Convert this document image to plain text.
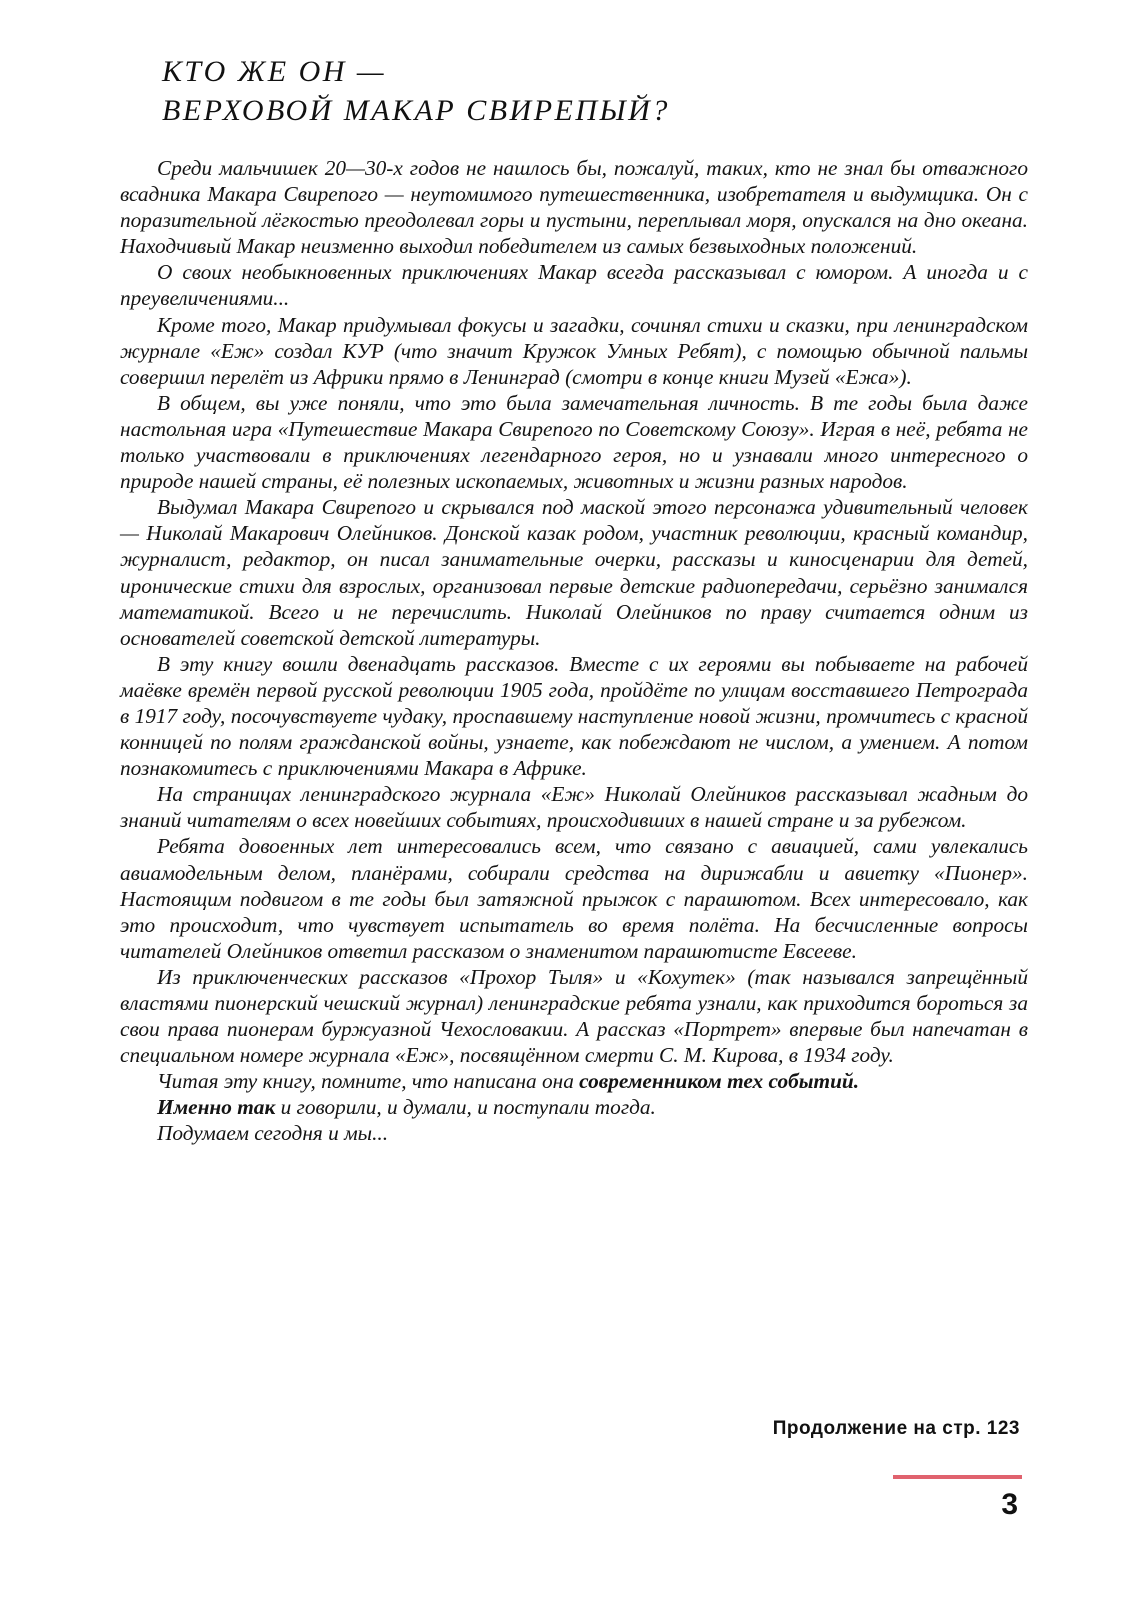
КТО ЖЕ ОН —
ВЕРХОВОЙ МАКАР СВИРЕПЫЙ?

Среди мальчишек 20—30-х годов не нашлось бы, пожалуй, таких, кто не знал бы отважного всадника Макара Свирепого — неутомимого путешественника, изобретателя и выдумщика. Он с поразительной лёгкостью преодолевал горы и пустыни, переплывал моря, опускался на дно океана. Находчивый Макар неизменно выходил победителем из самых безвыходных положений.

О своих необыкновенных приключениях Макар всегда рассказывал с юмором. А иногда и с преувеличениями...

Кроме того, Макар придумывал фокусы и загадки, сочинял стихи и сказки, при ленинградском журнале «Еж» создал КУР (что значит Кружок Умных Ребят), с помощью обычной пальмы совершил перелёт из Африки прямо в Ленинград (смотри в конце книги Музей «Ежа»).

В общем, вы уже поняли, что это была замечательная личность. В те годы была даже настольная игра «Путешествие Макара Свирепого по Советскому Союзу». Играя в неё, ребята не только участвовали в приключениях легендарного героя, но и узнавали много интересного о природе нашей страны, её полезных ископаемых, животных и жизни разных народов.

Выдумал Макара Свирепого и скрывался под маской этого персонажа удивительный человек — Николай Макарович Олейников. Донской казак родом, участник революции, красный командир, журналист, редактор, он писал занимательные очерки, рассказы и киносценарии для детей, иронические стихи для взрослых, организовал первые детские радиопередачи, серьёзно занимался математикой. Всего и не перечислить. Николай Олейников по праву считается одним из основателей советской детской литературы.

В эту книгу вошли двенадцать рассказов. Вместе с их героями вы побываете на рабочей маёвке времён первой русской революции 1905 года, пройдёте по улицам восставшего Петрограда в 1917 году, посочувствуете чудаку, проспавшему наступление новой жизни, промчитесь с красной конницей по полям гражданской войны, узнаете, как побеждают не числом, а умением. А потом познакомитесь с приключениями Макара в Африке.

На страницах ленинградского журнала «Еж» Николай Олейников рассказывал жадным до знаний читателям о всех новейших событиях, происходивших в нашей стране и за рубежом.

Ребята довоенных лет интересовались всем, что связано с авиацией, сами увлекались авиамодельным делом, планёрами, собирали средства на дирижабли и авиетку «Пионер». Настоящим подвигом в те годы был затяжной прыжок с парашютом. Всех интересовало, как это происходит, что чувствует испытатель во время полёта. На бесчисленные вопросы читателей Олейников ответил рассказом о знаменитом парашютисте Евсееве.

Из приключенческих рассказов «Прохор Тыля» и «Кохутек» (так назывался запрещённый властями пионерский чешский журнал) ленинградские ребята узнали, как приходится бороться за свои права пионерам буржуазной Чехословакии. А рассказ «Портрет» впервые был напечатан в специальном номере журнала «Еж», посвящённом смерти С. М. Кирова, в 1934 году.

Читая эту книгу, помните, что написана она современником тех событий.

Именно так и говорили, и думали, и поступали тогда.

Подумаем сегодня и мы...

Продолжение на стр. 123
3
